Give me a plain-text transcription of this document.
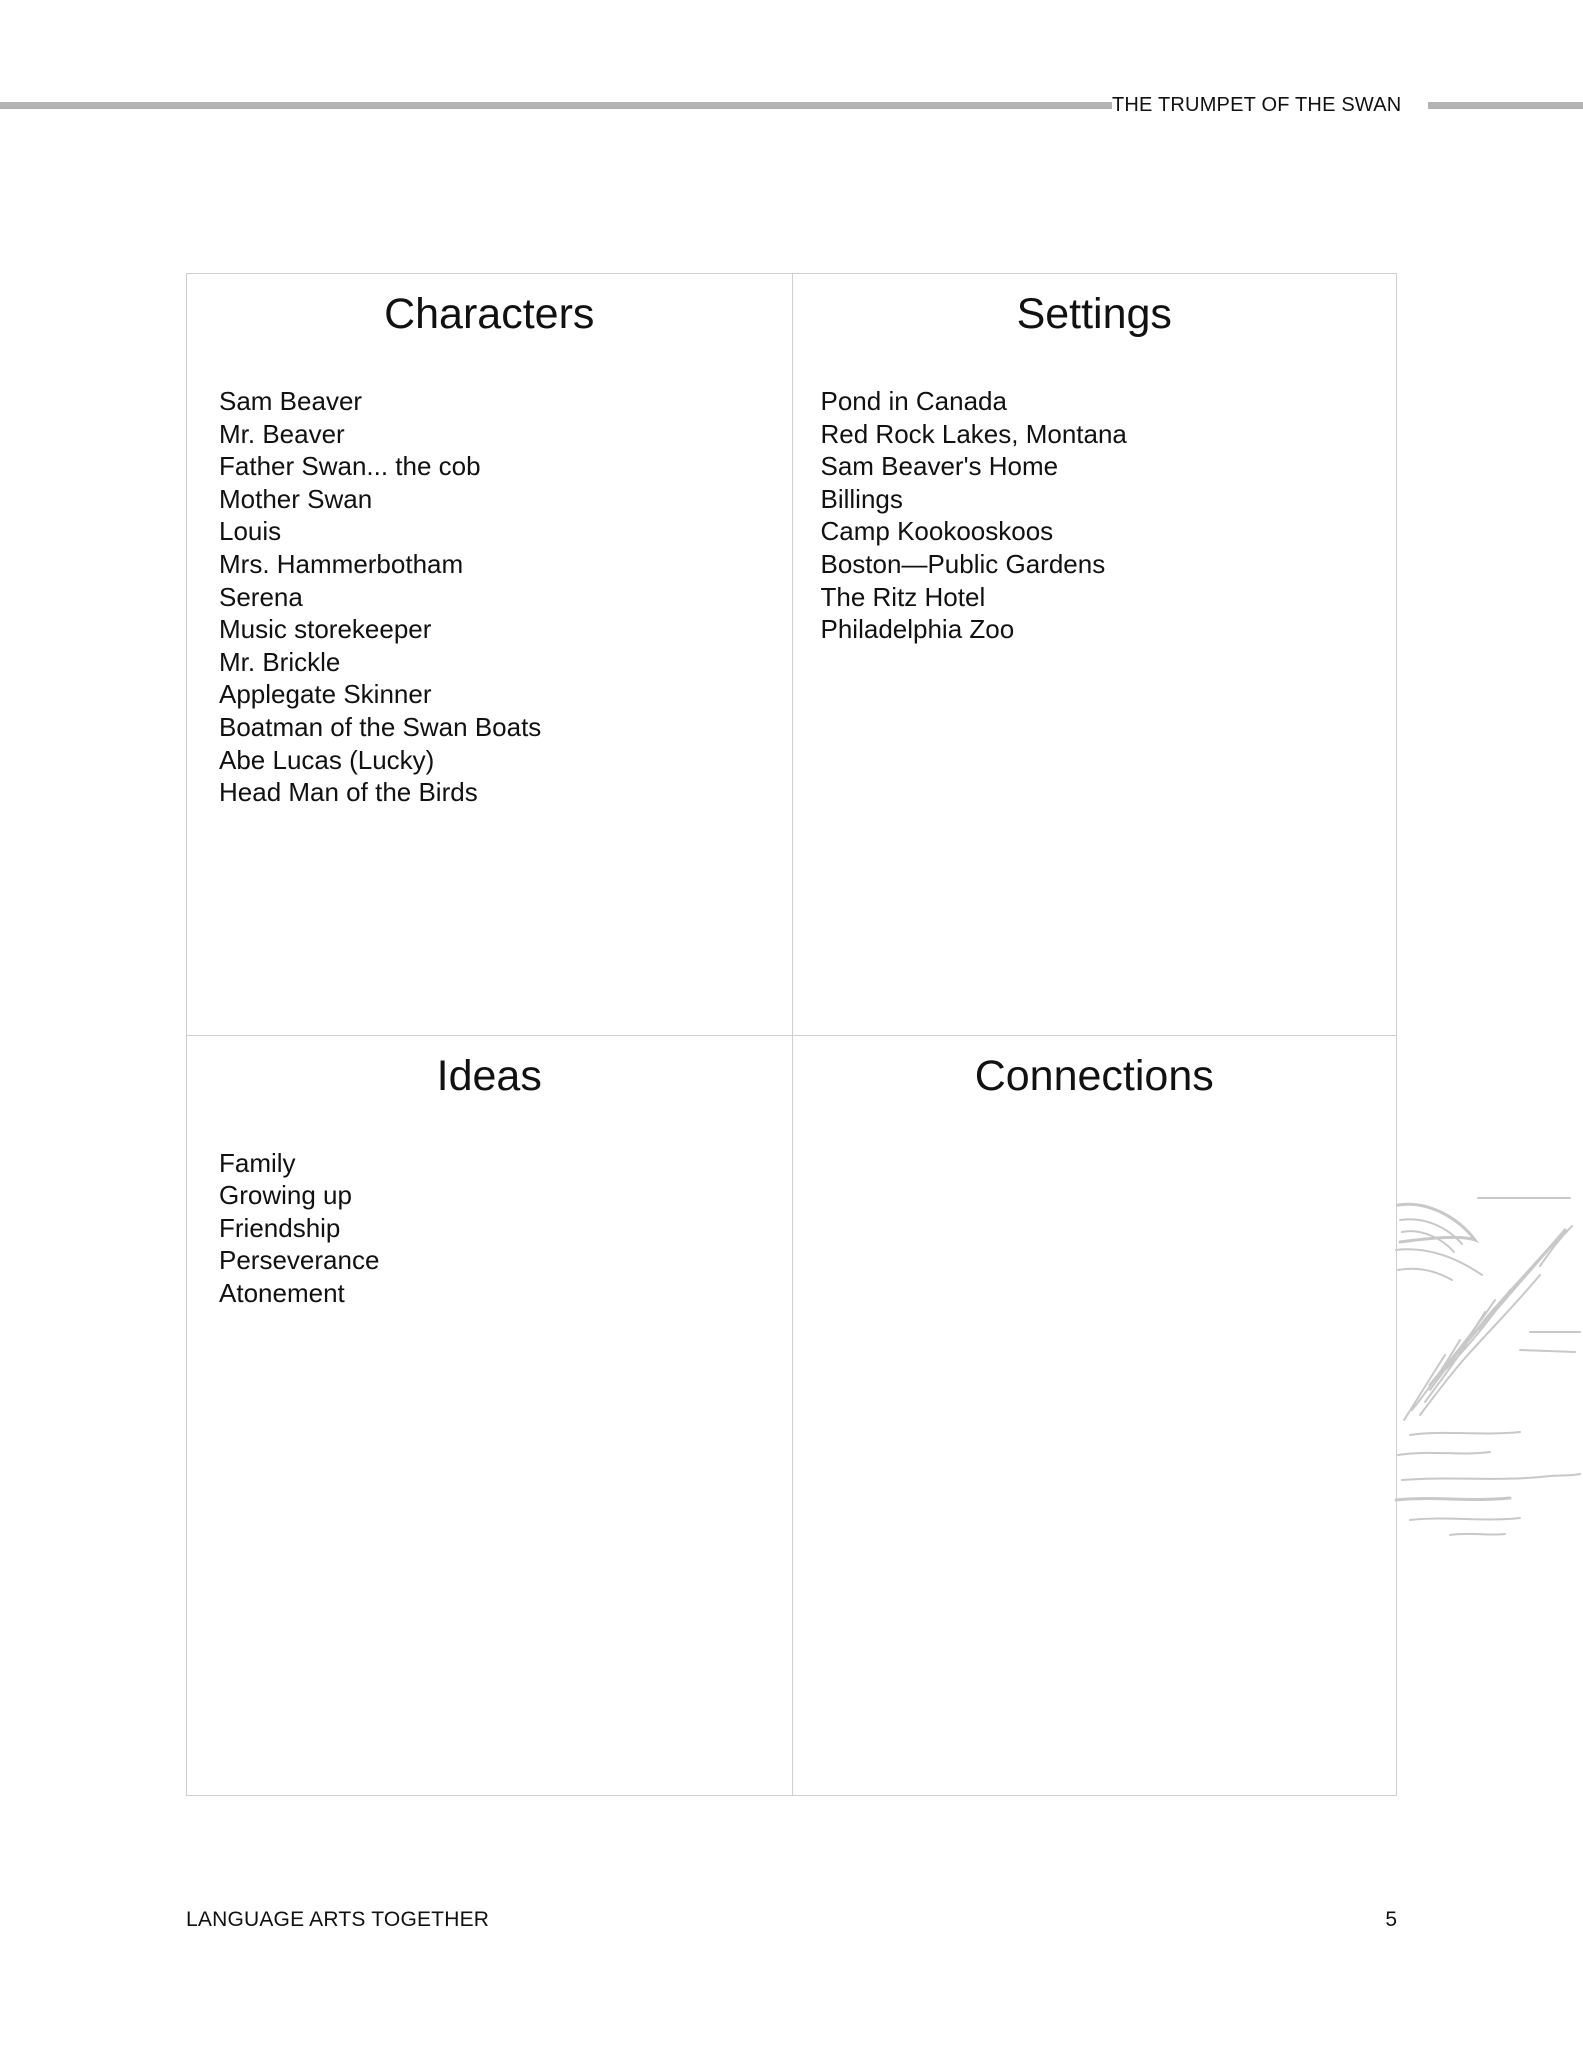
THE TRUMPET OF THE SWAN
Characters
Sam Beaver
Mr. Beaver
Father Swan... the cob
Mother Swan
Louis
Mrs. Hammerbotham
Serena
Music storekeeper
Mr. Brickle
Applegate Skinner
Boatman of the Swan Boats
Abe Lucas (Lucky)
Head Man of the Birds
Settings
Pond in Canada
Red Rock Lakes, Montana
Sam Beaver's Home
Billings
Camp Kookooskoos
Boston—Public Gardens
The Ritz Hotel
Philadelphia Zoo
Ideas
Family
Growing up
Friendship
Perseverance
Atonement
Connections
LANGUAGE ARTS TOGETHER	5
